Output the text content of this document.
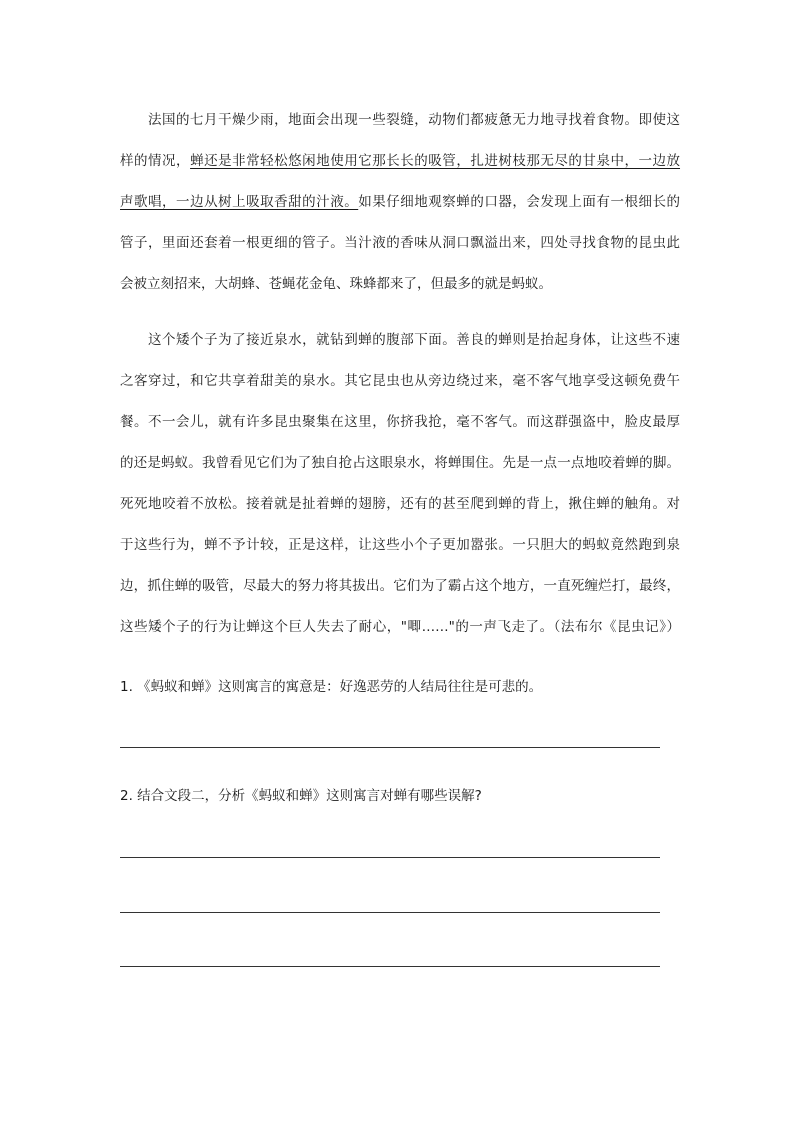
法国的七月干燥少雨，地面会出现一些裂缝，动物们都疲惫无力地寻找着食物。即使这
样的情况，蝉还是非常轻松悠闲地使用它那长长的吸管，扎进树枝那无尽的甘泉中，一边放
声歌唱，一边从树上吸取香甜的汁液。如果仔细地观察蝉的口器，会发现上面有一根细长的
管子，里面还套着一根更细的管子。当汁液的香味从洞口飘溢出来，四处寻找食物的昆虫此
会被立刻招来，大胡蜂、苍蝇花金龟、珠蜂都来了，但最多的就是蚂蚁。
这个矮个子为了接近泉水，就钻到蝉的腹部下面。善良的蝉则是抬起身体，让这些不速
之客穿过，和它共享着甜美的泉水。其它昆虫也从旁边绕过来，毫不客气地享受这顿免费午
餐。不一会儿，就有许多昆虫聚集在这里，你挤我抢，毫不客气。而这群强盗中，脸皮最厚
的还是蚂蚁。我曾看见它们为了独自抢占这眼泉水，将蝉围住。先是一点一点地咬着蝉的脚。
死死地咬着不放松。接着就是扯着蝉的翅膀，还有的甚至爬到蝉的背上，揪住蝉的触角。对
于这些行为，蝉不予计较，正是这样，让这些小个子更加嚣张。一只胆大的蚂蚁竟然跑到泉
边，抓住蝉的吸管，尽最大的努力将其拔出。它们为了霸占这个地方，一直死缠烂打，最终，
这些矮个子的行为让蝉这个巨人失去了耐心，"唧……"的一声飞走了。（法布尔《昆虫记》）
1. 《蚂蚁和蝉》这则寓言的寓意是：好逸恶劳的人结局往往是可悲的。
2. 结合文段二，分析《蚂蚁和蝉》这则寓言对蝉有哪些误解?
